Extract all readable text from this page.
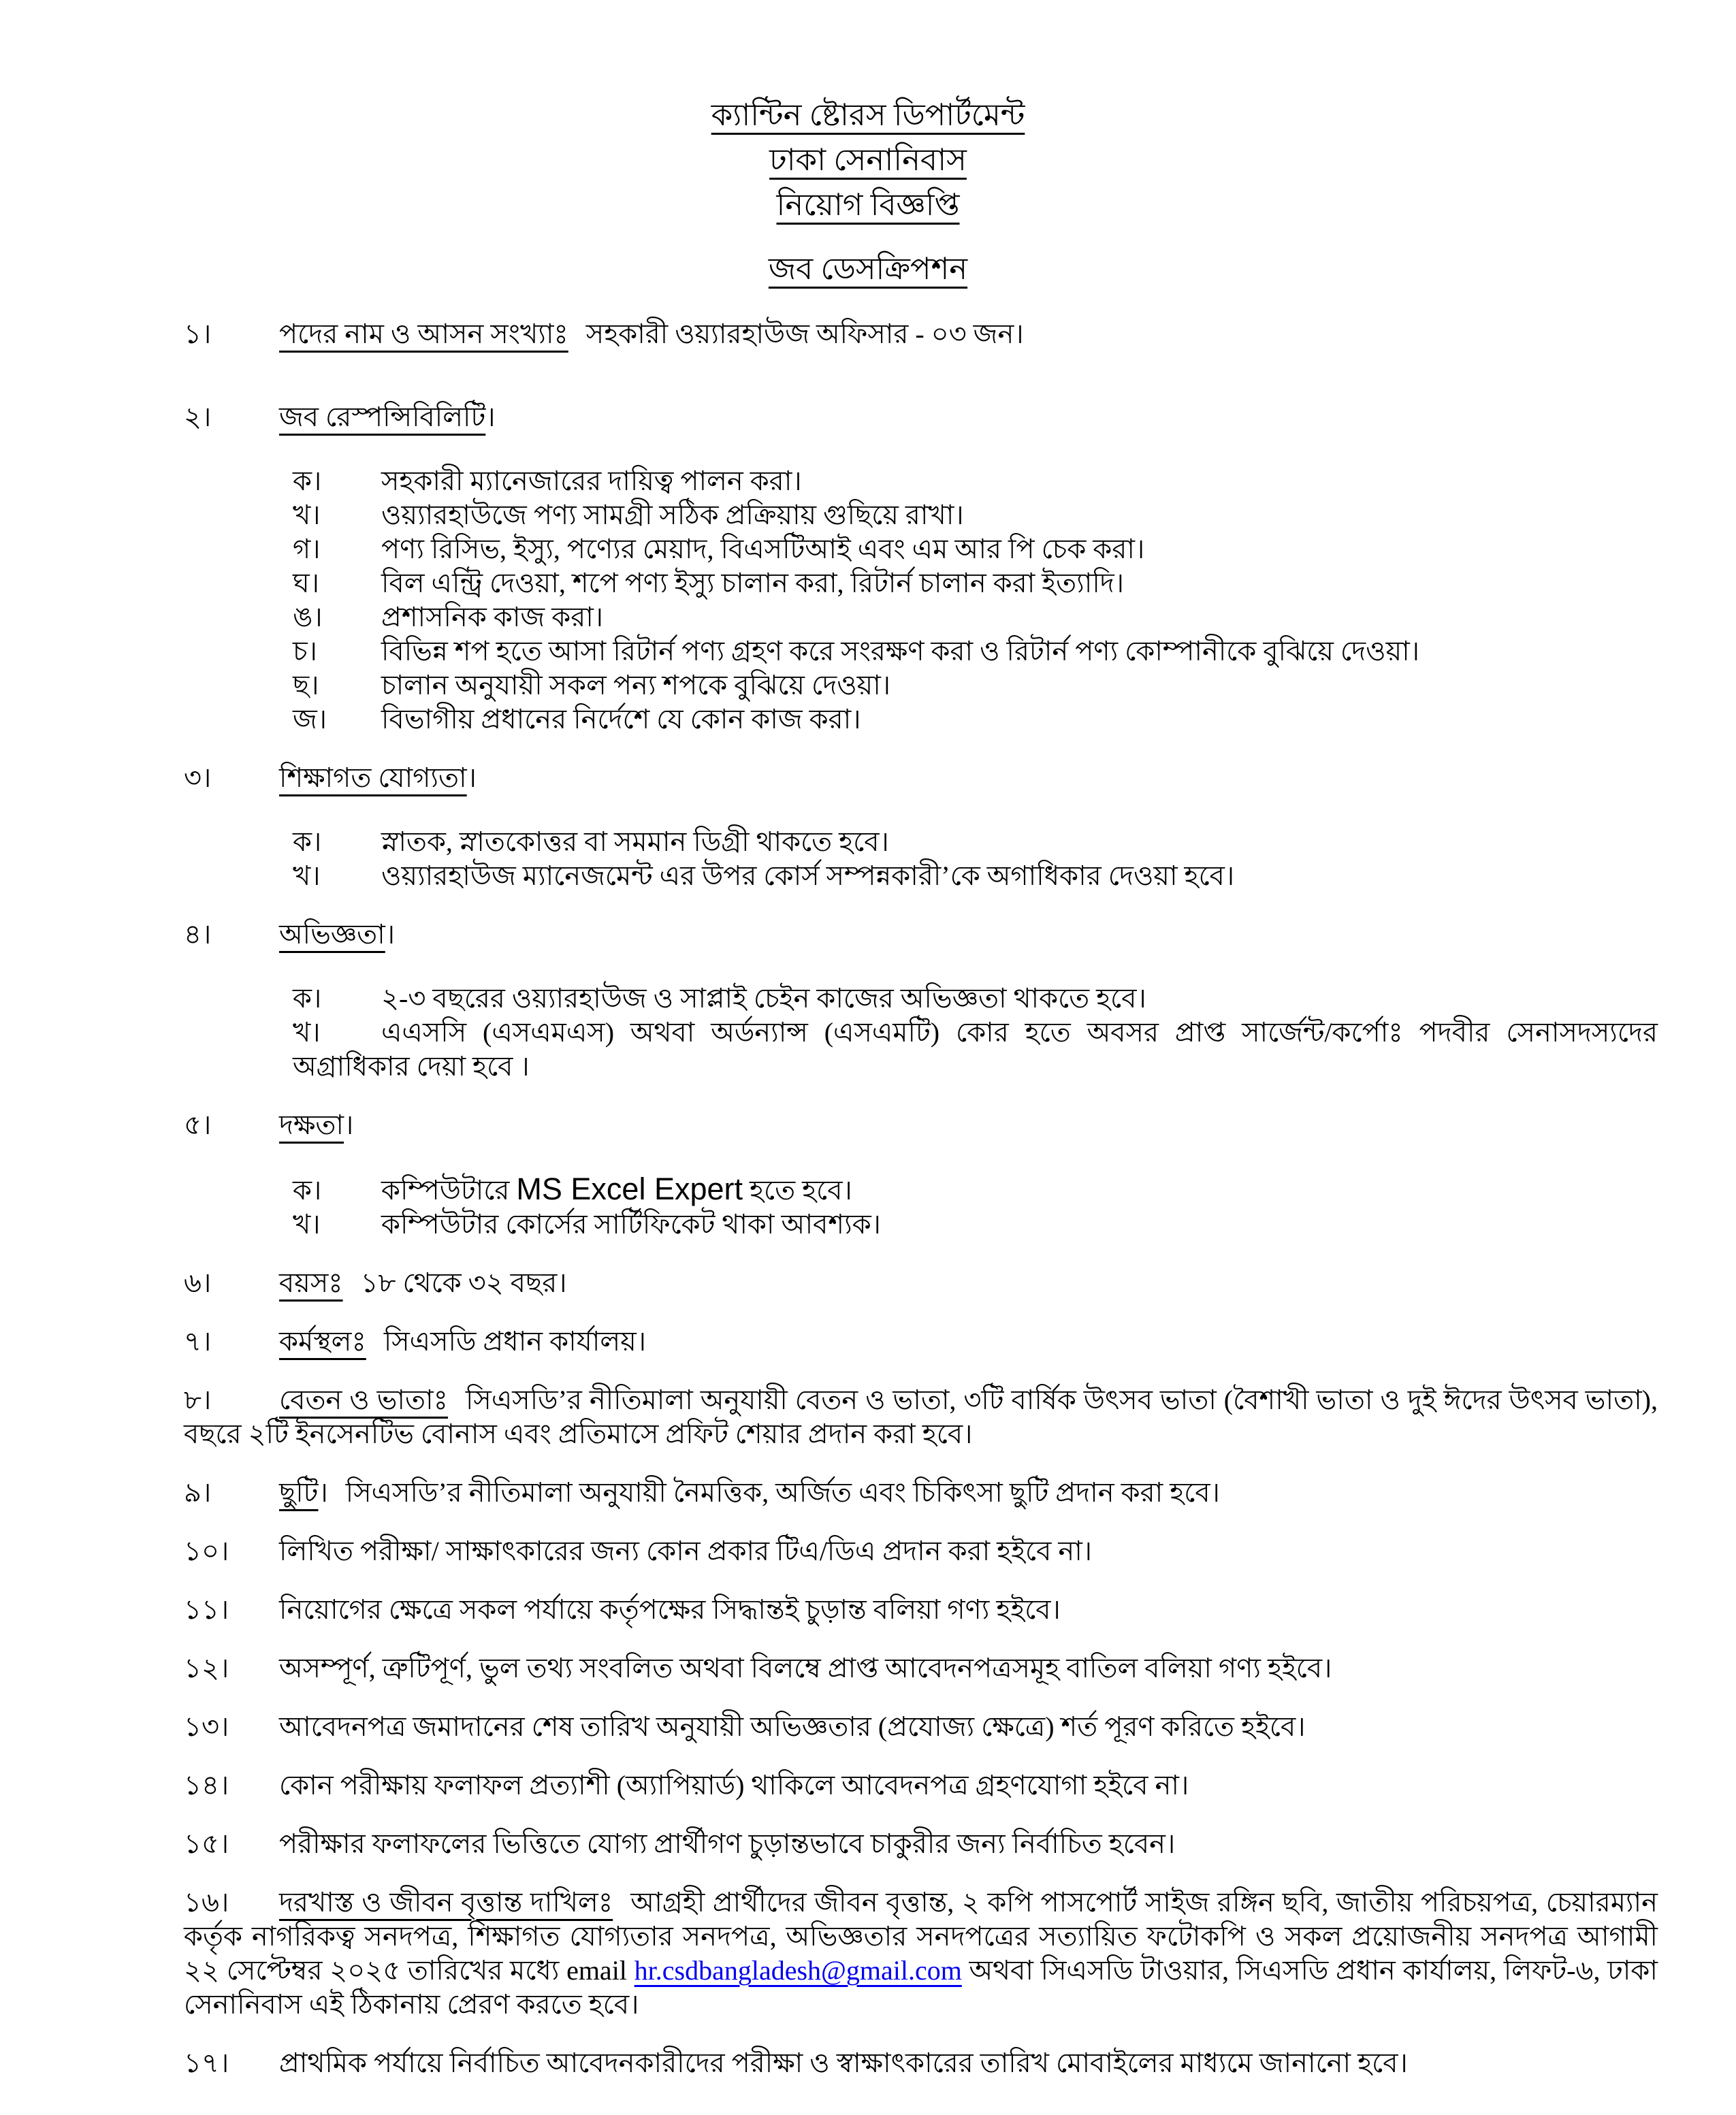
ক্যান্টিন ষ্টোরস ডিপার্টমেন্ট
ঢাকা সেনানিবাস
নিয়োগ বিজ্ঞপ্তি
জব ডেসক্রিপশন
১। পদের নাম ও আসন সংখ্যাঃ সহকারী ওয়্যারহাউজ অফিসার - ০৩ জন।
২। জব রেস্পন্সিবিলিটি।
ক। সহকারী ম্যানেজারের দায়িত্ব পালন করা।
খ। ওয়্যারহাউজে পণ্য সামগ্রী সঠিক প্রক্রিয়ায় গুছিয়ে রাখা।
গ। পণ্য রিসিভ, ইস্যু, পণ্যের মেয়াদ, বিএসটিআই এবং এম আর পি চেক করা।
ঘ। বিল এন্ট্রি দেওয়া, শপে পণ্য ইস্যু চালান করা, রিটার্ন চালান করা ইত্যাদি।
ঙ। প্রশাসনিক কাজ করা।
চ। বিভিন্ন শপ হতে আসা রিটার্ন পণ্য গ্রহণ করে সংরক্ষণ করা ও রিটার্ন পণ্য কোম্পানীকে বুঝিয়ে দেওয়া।
ছ। চালান অনুযায়ী সকল পন্য শপকে বুঝিয়ে দেওয়া।
জ। বিভাগীয় প্রধানের নির্দেশে যে কোন কাজ করা।
৩। শিক্ষাগত যোগ্যতা।
ক। স্নাতক, স্নাতকোত্তর বা সমমান ডিগ্রী থাকতে হবে।
খ। ওয়্যারহাউজ ম্যানেজমেন্ট এর উপর কোর্স সম্পন্নকারী’কে অগাধিকার দেওয়া হবে।
৪। অভিজ্ঞতা।
ক। ২-৩ বছরের ওয়্যারহাউজ ও সাপ্লাই চেইন কাজের অভিজ্ঞতা থাকতে হবে।
খ। এএসসি (এসএমএস) অথবা অর্ডন্যান্স (এসএমটি) কোর হতে অবসর প্রাপ্ত সার্জেন্ট/কর্পোঃ পদবীর সেনাসদস্যদের অগ্রাধিকার দেয়া হবে ।
৫। দক্ষতা।
ক। কম্পিউটারে MS Excel Expert হতে হবে।
খ। কম্পিউটার কোর্সের সার্টিফিকেট থাকা আবশ্যক।
৬। বয়সঃ ১৮ থেকে ৩২ বছর।
৭। কর্মস্থলঃ সিএসডি প্রধান কার্যালয়।
৮। বেতন ও ভাতাঃ সিএসডি’র নীতিমালা অনুযায়ী বেতন ও ভাতা, ৩টি বার্ষিক উৎসব ভাতা (বৈশাখী ভাতা ও দুই ঈদের উৎসব ভাতা), বছরে ২টি ইনসেনটিভ বোনাস এবং প্রতিমাসে প্রফিট শেয়ার প্রদান করা হবে।
৯। ছুটি। সিএসডি’র নীতিমালা অনুযায়ী নৈমত্তিক, অর্জিত এবং চিকিৎসা ছুটি প্রদান করা হবে।
১০। লিখিত পরীক্ষা/ সাক্ষাৎকারের জন্য কোন প্রকার টিএ/ডিএ প্রদান করা হইবে না।
১১। নিয়োগের ক্ষেত্রে সকল পর্যায়ে কর্তৃপক্ষের সিদ্ধান্তই চুড়ান্ত বলিয়া গণ্য হইবে।
১২। অসম্পূর্ণ, ত্রুটিপূর্ণ, ভুল তথ্য সংবলিত অথবা বিলম্বে প্রাপ্ত আবেদনপত্রসমূহ বাতিল বলিয়া গণ্য হইবে।
১৩। আবেদনপত্র জমাদানের শেষ তারিখ অনুযায়ী অভিজ্ঞতার (প্রযোজ্য ক্ষেত্রে) শর্ত পূরণ করিতে হইবে।
১৪। কোন পরীক্ষায় ফলাফল প্রত্যাশী (অ্যাপিয়ার্ড) থাকিলে আবেদনপত্র গ্রহণযোগা হইবে না।
১৫। পরীক্ষার ফলাফলের ভিত্তিতে যোগ্য প্রার্থীগণ চুড়ান্তভাবে চাকুরীর জন্য নির্বাচিত হবেন।
১৬। দরখাস্ত ও জীবন বৃত্তান্ত দাখিলঃ আগ্রহী প্রার্থীদের জীবন বৃত্তান্ত, ২ কপি পাসপোর্ট সাইজ রঙ্গিন ছবি, জাতীয় পরিচয়পত্র, চেয়ারম্যান কর্তৃক নাগরিকত্ব সনদপত্র, শিক্ষাগত যোগ্যতার সনদপত্র, অভিজ্ঞতার সনদপত্রের সত্যায়িত ফটোকপি ও সকল প্রয়োজনীয় সনদপত্র আগামী ২২ সেপ্টেম্বর ২০২৫ তারিখের মধ্যে email hr.csdbangladesh@gmail.com অথবা সিএসডি টাওয়ার, সিএসডি প্রধান কার্যালয়, লিফট-৬, ঢাকা সেনানিবাস এই ঠিকানায় প্রেরণ করতে হবে।
১৭। প্রাথমিক পর্যায়ে নির্বাচিত আবেদনকারীদের পরীক্ষা ও স্বাক্ষাৎকারের তারিখ মোবাইলের মাধ্যমে জানানো হবে।
